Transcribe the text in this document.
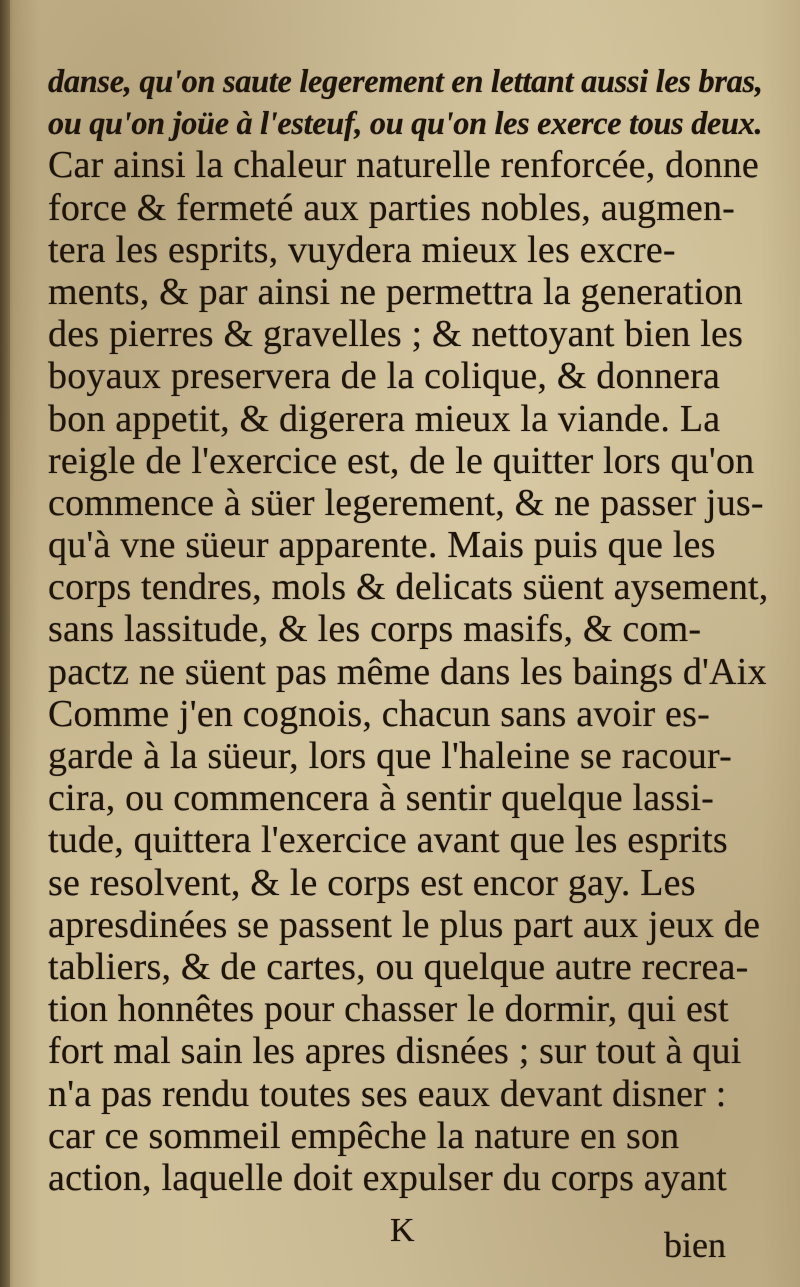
danse, qu'on saute legerement en lettant aussi les bras,
ou qu'on joüe à l'esteuf, ou qu'on les exerce tous deux.
Car ainsi la chaleur naturelle renforcée, donne
force & fermeté aux parties nobles, augmen-
tera les esprits, vuydera mieux les excre-
ments, & par ainsi ne permettra la generation
des pierres & gravelles ; & nettoyant bien les
boyaux preservera de la colique, & donnera
bon appetit, & digerera mieux la viande. La
reigle de l'exercice est, de le quitter lors qu'on
commence à süer legerement, & ne passer jus-
qu'à vne süeur apparente. Mais puis que les
corps tendres, mols & delicats süent aysement,
sans lassitude, & les corps masifs, & com-
pactz ne süent pas même dans les baings d'Aix
Comme j'en cognois, chacun sans avoir es-
garde à la süeur, lors que l'haleine se racour-
cira, ou commencera à sentir quelque lassi-
tude, quittera l'exercice avant que les esprits
se resolvent, & le corps est encor gay. Les
apresdinées se passent le plus part aux jeux de
tabliers, & de cartes, ou quelque autre recrea-
tion honnêtes pour chasser le dormir, qui est
fort mal sain les apres disnées ; sur tout à qui
n'a pas rendu toutes ses eaux devant disner :
car ce sommeil empêche la nature en son
action, laquelle doit expulser du corps ayant
K	bien
